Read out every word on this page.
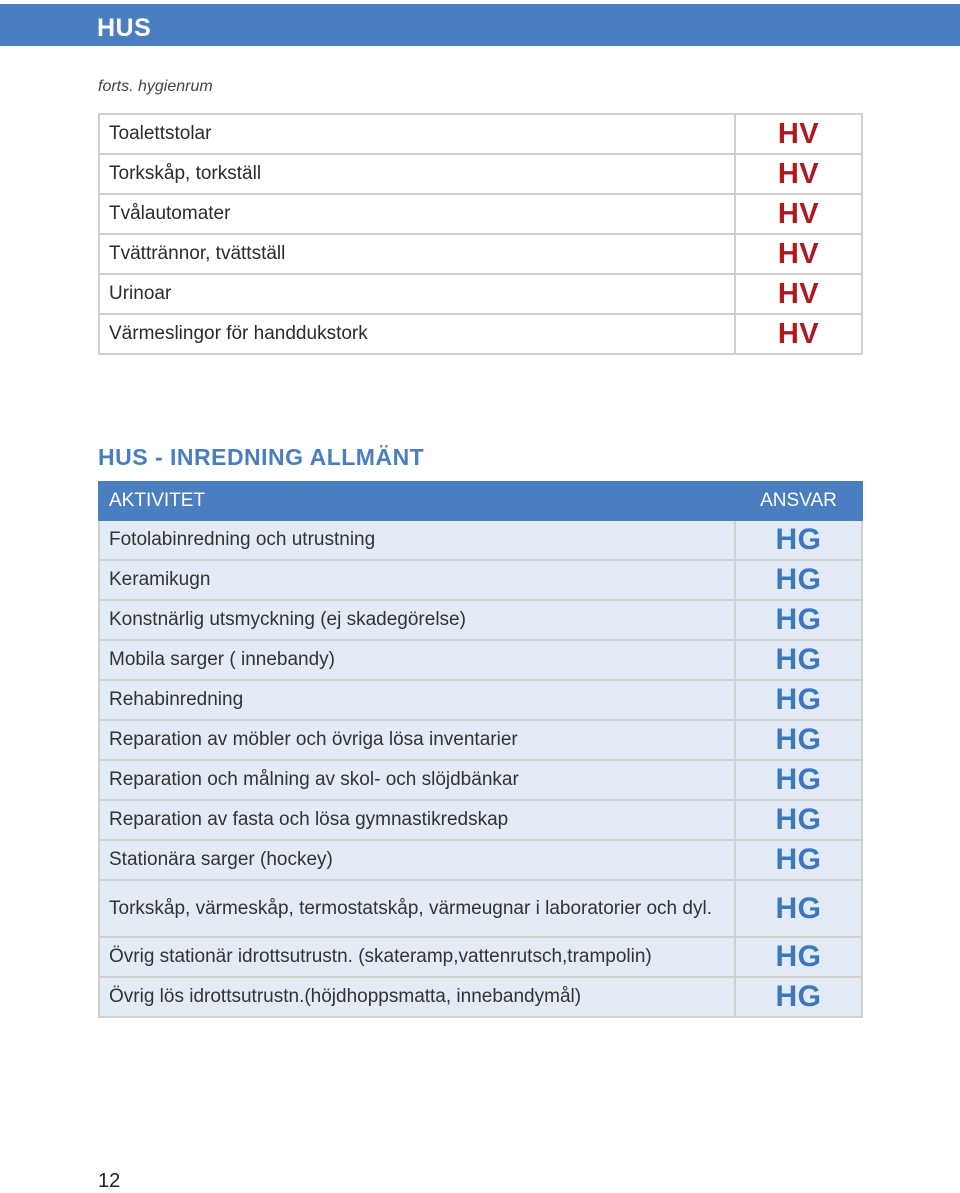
HUS
forts. hygienrum
Toalettstolar	HV
Torkskåp, torkställ	HV
Tvålautomater	HV
Tvättrännor, tvättställ	HV
Urinoar	HV
Värmeslingor för handdukstork	HV
HUS - INREDNING ALLMÄNT
AKTIVITET	ANSVAR
Fotolabinredning och utrustning	HG
Keramikugn	HG
Konstnärlig utsmyckning (ej skadegörelse)	HG
Mobila sarger ( innebandy)	HG
Rehabinredning	HG
Reparation av möbler och övriga lösa inventarier	HG
Reparation och målning av skol- och slöjdbänkar	HG
Reparation av fasta och lösa gymnastikredskap	HG
Stationära sarger (hockey)	HG
Torkskåp, värmeskåp, termostatskåp, värmeugnar i laboratorier och dyl.	HG
Övrig stationär idrottsutrustn. (skateramp,vattenrutsch,trampolin)	HG
Övrig lös idrottsutrustn.(höjdhoppsmatta, innebandymål)	HG
12
